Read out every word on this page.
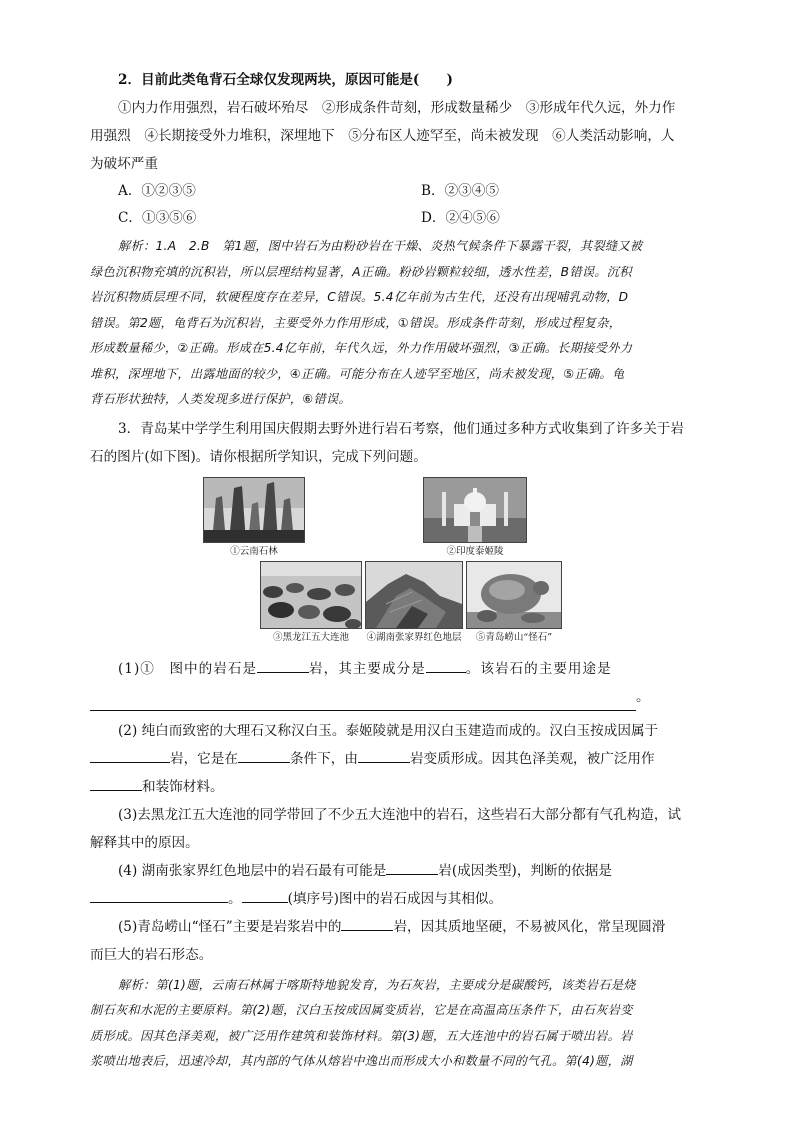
2．目前此类龟背石全球仅发现两块，原因可能是(　　)

①内力作用强烈，岩石破坏殆尽　②形成条件苛刻，形成数量稀少　③形成年代久远，外力作

用强烈　④长期接受外力堆积，深埋地下　⑤分布区人迹罕至，尚未被发现　⑥人类活动影响，人

为破坏严重

A．①②③⑤	B．②③④⑤
C．①③⑤⑥	D．②④⑤⑥

解析：1.A　2.B　第1题，图中岩石为由粉砂岩在干燥、炎热气候条件下暴露干裂，其裂缝又被

绿色沉积物充填的沉积岩，所以层理结构显著，A正确。粉砂岩颗粒较细，透水性差，B错误。沉积

岩沉积物质层理不同，软硬程度存在差异，C错误。5.4亿年前为古生代，还没有出现哺乳动物，D

错误。第2题，龟背石为沉积岩，主要受外力作用形成，①错误。形成条件苛刻，形成过程复杂，

形成数量稀少，②正确。形成在5.4亿年前，年代久远，外力作用破坏强烈，③正确。长期接受外力

堆积，深埋地下，出露地面的较少，④正确。可能分布在人迹罕至地区，尚未被发现，⑤正确。龟

背石形状独特，人类发现多进行保护，⑥错误。

3．青岛某中学学生利用国庆假期去野外进行岩石考察，他们通过多种方式收集到了许多关于岩

石的图片(如下图)。请你根据所学知识，完成下列问题。

①云南石林	②印度泰姬陵
③黑龙江五大连池	④湖南张家界红色地层	⑤青岛崂山“怪石”

(1)①　图中的岩石是	岩，其主要成分是	。该岩石的主要用途是

。

(2) 纯白而致密的大理石又称汉白玉。泰姬陵就是用汉白玉建造而成的。汉白玉按成因属于

岩，它是在	条件下，由	岩变质形成。因其色泽美观，被广泛用作

和装饰材料。

(3)去黑龙江五大连池的同学带回了不少五大连池中的岩石，这些岩石大部分都有气孔构造，试

解释其中的原因。

(4) 湖南张家界红色地层中的岩石最有可能是	岩(成因类型)，判断的依据是

。	(填序号)图中的岩石成因与其相似。

(5)青岛崂山“怪石”主要是岩浆岩中的	岩，因其质地坚硬，不易被风化，常呈现圆滑

而巨大的岩石形态。

解析：第(1)题，云南石林属于喀斯特地貌发育，为石灰岩，主要成分是碳酸钙，该类岩石是烧

制石灰和水泥的主要原料。第(2)题，汉白玉按成因属变质岩，它是在高温高压条件下，由石灰岩变

质形成。因其色泽美观，被广泛用作建筑和装饰材料。第(3)题，五大连池中的岩石属于喷出岩。岩

浆喷出地表后，迅速冷却，其内部的气体从熔岩中逸出而形成大小和数量不同的气孔。第(4)题，湖
